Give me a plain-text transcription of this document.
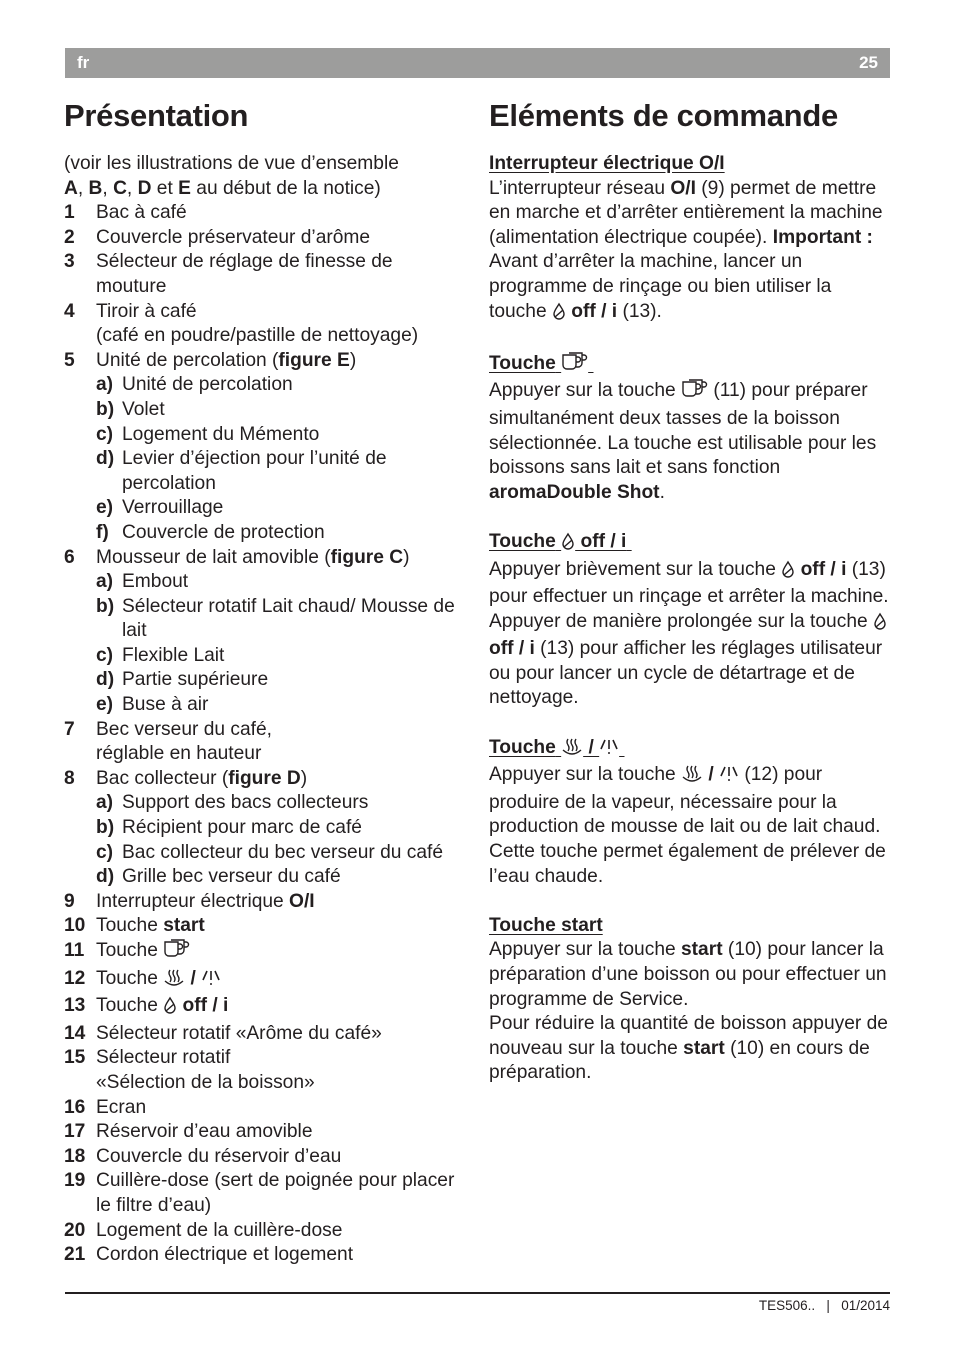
fr	25
Présentation	Eléments de commande
(voir les illustrations de vue d’ensemble
A, B, C, D et E au début de la notice)
1	Bac à café
2	Couvercle préservateur d’arôme
3	Sélecteur de réglage de finesse de mouture
4	Tiroir à café
(café en poudre/pastille de nettoyage)
5	Unité de percolation (figure E)
a) Unité de percolation
b) Volet
c) Logement du Mémento
d) Levier d’éjection pour l’unité de percolation
e) Verrouillage
f) Couvercle de protection
6	Mousseur de lait amovible (figure C)
a) Embout
b) Sélecteur rotatif Lait chaud/ Mousse de lait
c) Flexible Lait
d) Partie supérieure
e) Buse à air
7	Bec verseur du café,
réglable en hauteur
8	Bac collecteur (figure D)
a) Support des bacs collecteurs
b) Récipient pour marc de café
c) Bac collecteur du bec verseur du café
d) Grille bec verseur du café
9	Interrupteur électrique O/I
10 Touche start
11 Touche
12 Touche  /
13 Touche  off / i
14 Sélecteur rotatif «Arôme du café»
15 Sélecteur rotatif
«Sélection de la boisson»
16 Ecran
17 Réservoir d’eau amovible
18 Couvercle du réservoir d’eau
19 Cuillère-dose (sert de poignée pour placer le filtre d’eau)
20 Logement de la cuillère-dose
21 Cordon électrique et logement
Interrupteur électrique O/I
L’interrupteur réseau O/I (9) permet de mettre en marche et d’arrêter entièrement la machine (alimentation électrique coupée). Important : Avant d’arrêter la machine, lancer un programme de rinçage ou bien utiliser la touche  off / i (13).
Touche
Appuyer sur la touche  (11) pour préparer simultanément deux tasses de la boisson sélectionnée. La touche est utilisable pour les boissons sans lait et sans fonction aromaDouble Shot.
Touche  off / i
Appuyer brièvement sur la touche  off / i (13) pour effectuer un rinçage et arrêter la machine. Appuyer de manière prolongée sur la touche  off / i (13) pour afficher les réglages utilisateur ou pour lancer un cycle de détartrage et de nettoyage.
Touche  /
Appuyer sur la touche  /  (12) pour produire de la vapeur, nécessaire pour la production de mousse de lait ou de lait chaud. Cette touche permet également de prélever de l’eau chaude.
Touche start
Appuyer sur la touche start (10) pour lancer la préparation d’une boisson ou pour effectuer un programme de Service.
Pour réduire la quantité de boisson appuyer de nouveau sur la touche start (10) en cours de préparation.
TES506.. | 01/2014
